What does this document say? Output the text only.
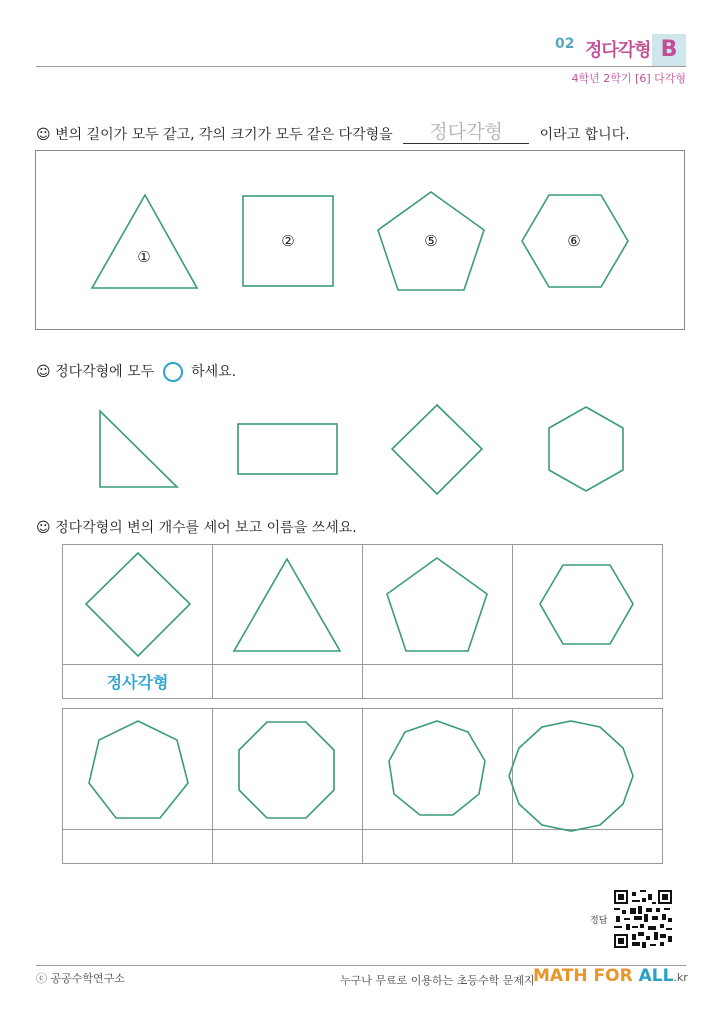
02 정다각형 B
4학년 2학기 [6] 다각형
☺ 변의 길이가 모두 같고, 각의 크기가 모두 같은 다각형을 정다각형	이라고 합니다.
☺ 정다각형에 모두 ○ 하세요.
☺ 정다각형의 변의 개수를 세어 보고 이름을 쓰세요.

정사각형			

①
②	⑤	⑥
정답
ⓒ 공공수학연구소	누구나 무료로 이용하는 초등수학 문제지
MATH FOR ALL.kr
